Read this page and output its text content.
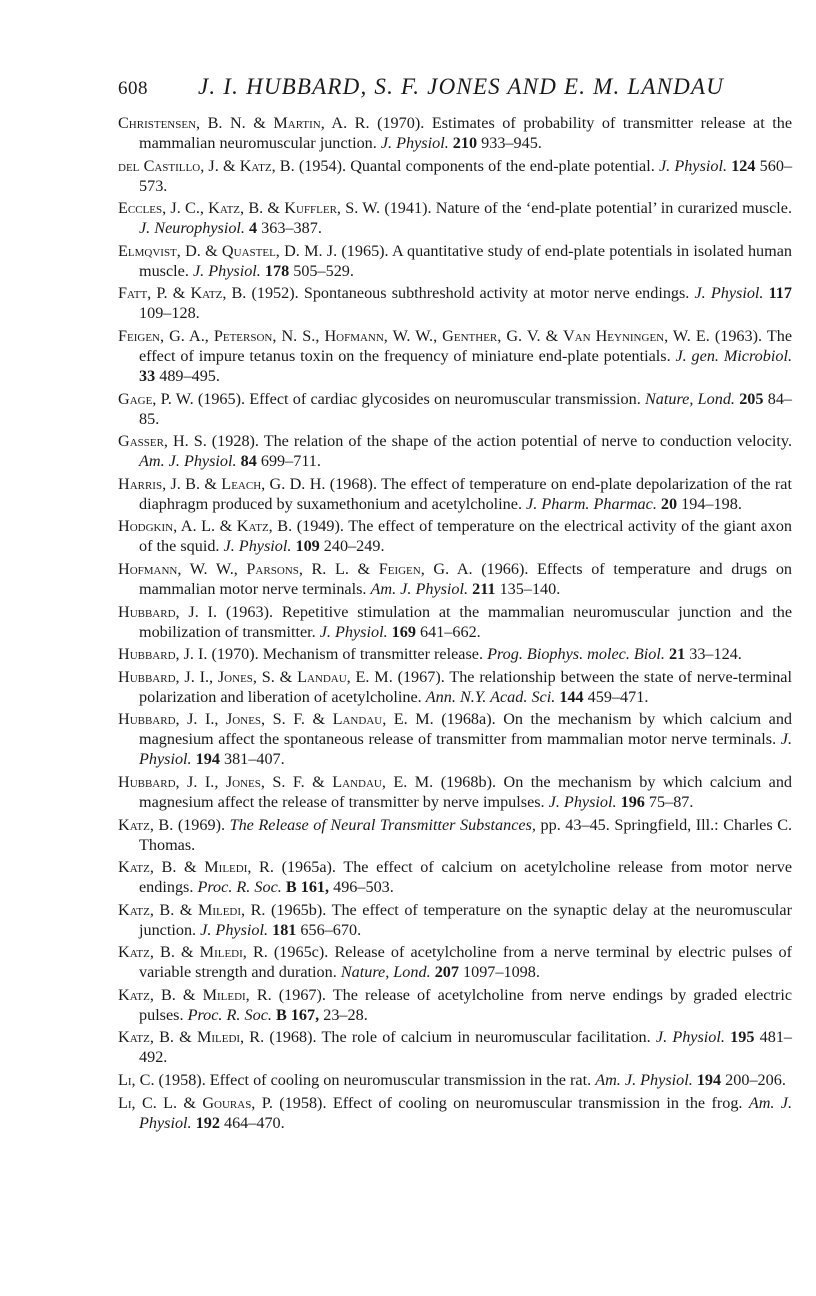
608 J. I. HUBBARD, S. F. JONES AND E. M. LANDAU

Christensen, B. N. & Martin, A. R. (1970). Estimates of probability of transmitter release at the mammalian neuromuscular junction. J. Physiol. 210 933–945.

del Castillo, J. & Katz, B. (1954). Quantal components of the end-plate potential. J. Physiol. 124 560–573.

Eccles, J. C., Katz, B. & Kuffler, S. W. (1941). Nature of the ‘end-plate potential’ in curarized muscle. J. Neurophysiol. 4 363–387.

Elmqvist, D. & Quastel, D. M. J. (1965). A quantitative study of end-plate potentials in isolated human muscle. J. Physiol. 178 505–529.

Fatt, P. & Katz, B. (1952). Spontaneous subthreshold activity at motor nerve endings. J. Physiol. 117 109–128.

Feigen, G. A., Peterson, N. S., Hofmann, W. W., Genther, G. V. & Van Heyningen, W. E. (1963). The effect of impure tetanus toxin on the frequency of miniature end-plate potentials. J. gen. Microbiol. 33 489–495.

Gage, P. W. (1965). Effect of cardiac glycosides on neuromuscular transmission. Nature, Lond. 205 84–85.

Gasser, H. S. (1928). The relation of the shape of the action potential of nerve to conduction velocity. Am. J. Physiol. 84 699–711.

Harris, J. B. & Leach, G. D. H. (1968). The effect of temperature on end-plate depolarization of the rat diaphragm produced by suxamethonium and acetylcholine. J. Pharm. Pharmac. 20 194–198.

Hodgkin, A. L. & Katz, B. (1949). The effect of temperature on the electrical activity of the giant axon of the squid. J. Physiol. 109 240–249.

Hofmann, W. W., Parsons, R. L. & Feigen, G. A. (1966). Effects of temperature and drugs on mammalian motor nerve terminals. Am. J. Physiol. 211 135–140.

Hubbard, J. I. (1963). Repetitive stimulation at the mammalian neuromuscular junction and the mobilization of transmitter. J. Physiol. 169 641–662.

Hubbard, J. I. (1970). Mechanism of transmitter release. Prog. Biophys. molec. Biol. 21 33–124.

Hubbard, J. I., Jones, S. & Landau, E. M. (1967). The relationship between the state of nerve-terminal polarization and liberation of acetylcholine. Ann. N.Y. Acad. Sci. 144 459–471.

Hubbard, J. I., Jones, S. F. & Landau, E. M. (1968a). On the mechanism by which calcium and magnesium affect the spontaneous release of transmitter from mammalian motor nerve terminals. J. Physiol. 194 381–407.

Hubbard, J. I., Jones, S. F. & Landau, E. M. (1968b). On the mechanism by which calcium and magnesium affect the release of transmitter by nerve impulses. J. Physiol. 196 75–87.

Katz, B. (1969). The Release of Neural Transmitter Substances, pp. 43–45. Springfield, Ill.: Charles C. Thomas.

Katz, B. & Miledi, R. (1965a). The effect of calcium on acetylcholine release from motor nerve endings. Proc. R. Soc. B 161, 496–503.

Katz, B. & Miledi, R. (1965b). The effect of temperature on the synaptic delay at the neuromuscular junction. J. Physiol. 181 656–670.

Katz, B. & Miledi, R. (1965c). Release of acetylcholine from a nerve terminal by electric pulses of variable strength and duration. Nature, Lond. 207 1097–1098.

Katz, B. & Miledi, R. (1967). The release of acetylcholine from nerve endings by graded electric pulses. Proc. R. Soc. B 167, 23–28.

Katz, B. & Miledi, R. (1968). The role of calcium in neuromuscular facilitation. J. Physiol. 195 481–492.

Li, C. (1958). Effect of cooling on neuromuscular transmission in the rat. Am. J. Physiol. 194 200–206.

Li, C. L. & Gouras, P. (1958). Effect of cooling on neuromuscular transmission in the frog. Am. J. Physiol. 192 464–470.
